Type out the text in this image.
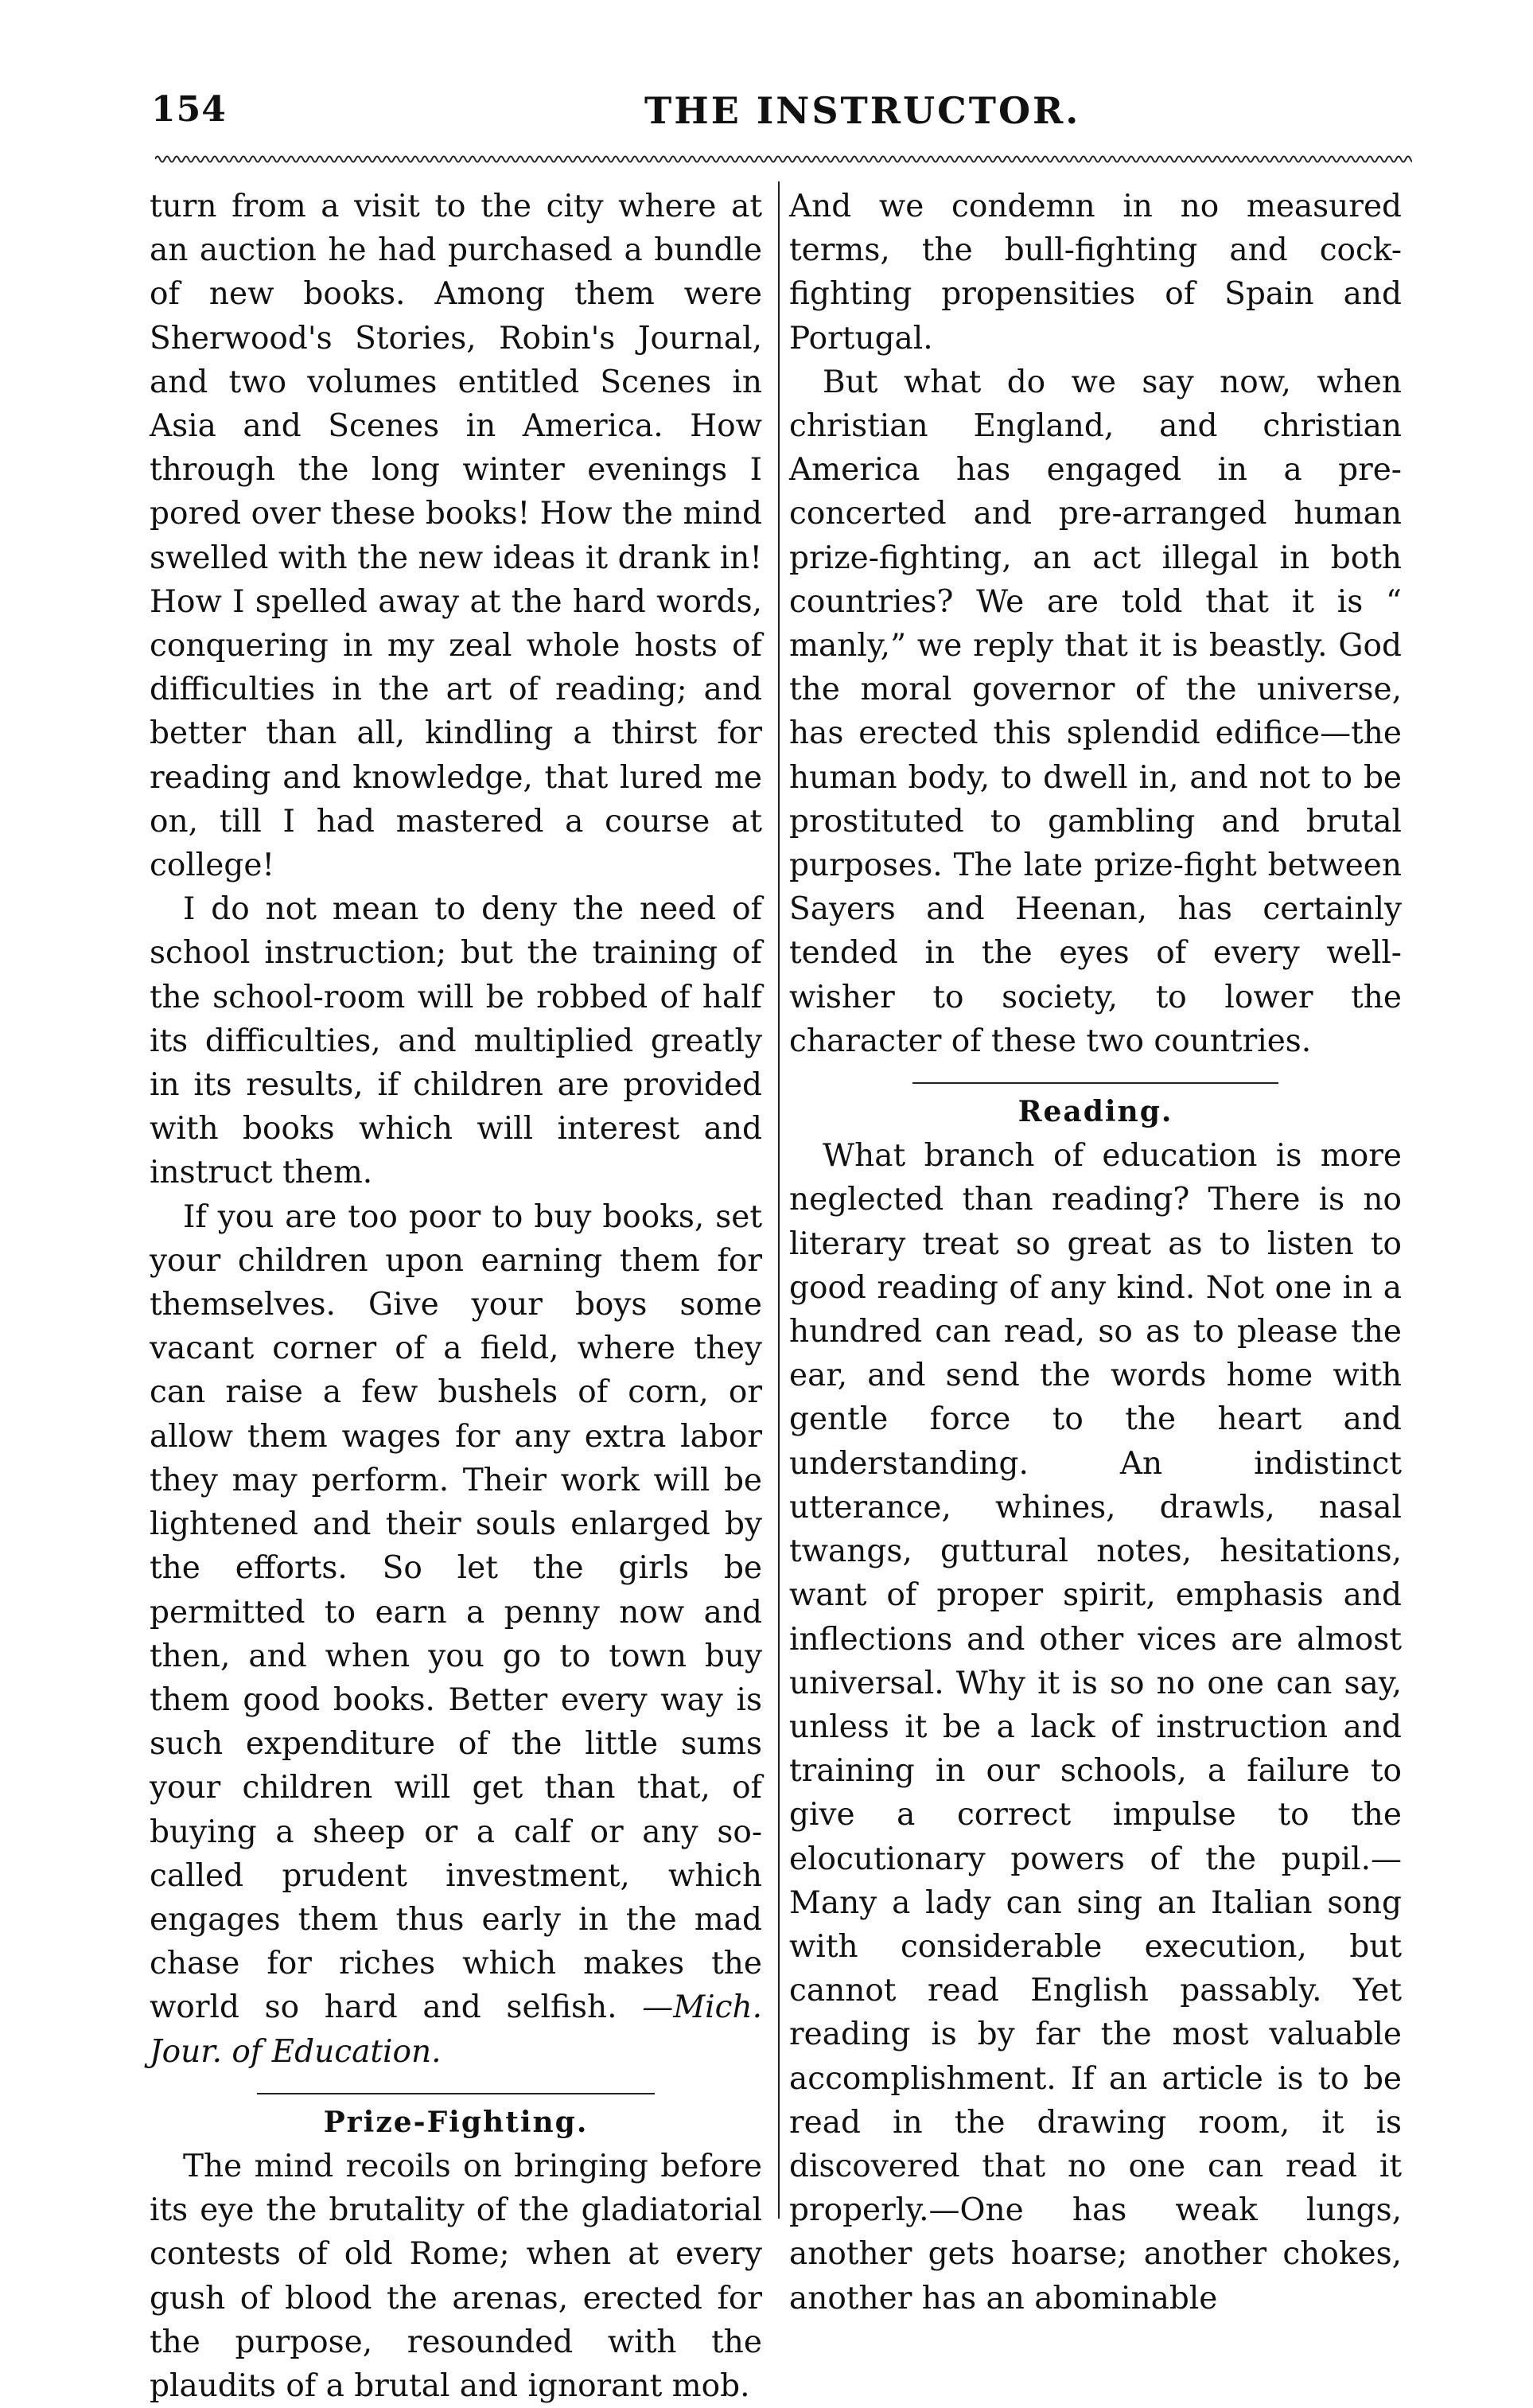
154	THE INSTRUCTOR.

turn from a visit to the city where at an auction he had purchased a bundle of new books. Among them were Sherwood's Stories, Robin's Journal, and two volumes entitled Scenes in Asia and Scenes in America. How through the long winter evenings I pored over these books! How the mind swelled with the new ideas it drank in! How I spelled away at the hard words, conquering in my zeal whole hosts of difficulties in the art of reading; and better than all, kindling a thirst for reading and knowledge, that lured me on, till I had mastered a course at college!

I do not mean to deny the need of school instruction; but the training of the school-room will be robbed of half its difficulties, and multiplied greatly in its results, if children are provided with books which will interest and instruct them.

If you are too poor to buy books, set your children upon earning them for themselves. Give your boys some vacant corner of a field, where they can raise a few bushels of corn, or allow them wages for any extra labor they may perform. Their work will be lightened and their souls enlarged by the efforts. So let the girls be permitted to earn a penny now and then, and when you go to town buy them good books. Better every way is such expenditure of the little sums your children will get than that, of buying a sheep or a calf or any so-called prudent investment, which engages them thus early in the mad chase for riches which makes the world so hard and selfish. —Mich. Jour. of Education.

Prize-Fighting.

The mind recoils on bringing before its eye the brutality of the gladiatorial contests of old Rome; when at every gush of blood the arenas, erected for the purpose, resounded with the plaudits of a brutal and ignorant mob.

And we condemn in no measured terms, the bull-fighting and cock-fighting propensities of Spain and Portugal.

But what do we say now, when christian England, and christian America has engaged in a pre-concerted and pre-arranged human prize-fighting, an act illegal in both countries? We are told that it is “ manly,” we reply that it is beastly. God the moral governor of the universe, has erected this splendid edifice—the human body, to dwell in, and not to be prostituted to gambling and brutal purposes. The late prize-fight between Sayers and Heenan, has certainly tended in the eyes of every well-wisher to society, to lower the character of these two countries.

Reading.

What branch of education is more neglected than reading? There is no literary treat so great as to listen to good reading of any kind. Not one in a hundred can read, so as to please the ear, and send the words home with gentle force to the heart and understanding. An indistinct utterance, whines, drawls, nasal twangs, guttural notes, hesitations, want of proper spirit, emphasis and inflections and other vices are almost universal. Why it is so no one can say, unless it be a lack of instruction and training in our schools, a failure to give a correct impulse to the elocutionary powers of the pupil.—Many a lady can sing an Italian song with considerable execution, but cannot read English passably. Yet reading is by far the most valuable accomplishment. If an article is to be read in the drawing room, it is discovered that no one can read it properly.—One has weak lungs, another gets hoarse; another chokes, another has an abominable
